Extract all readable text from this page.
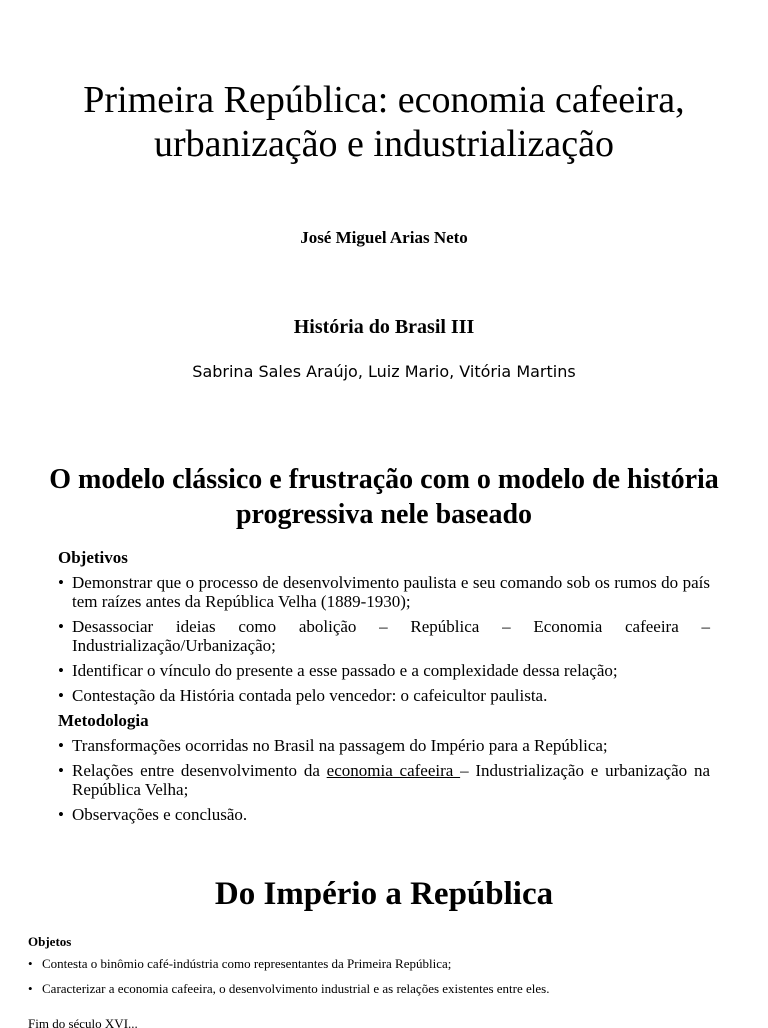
Primeira República: economia cafeeira, urbanização e industrialização
José Miguel Arias Neto
História do Brasil III
Sabrina Sales Araújo, Luiz Mario, Vitória Martins
O modelo clássico e frustração com o modelo de história progressiva nele baseado
Objetivos
• Demonstrar que o processo de desenvolvimento paulista e seu comando sob os rumos do país tem raízes antes da República Velha (1889-1930);
• Desassociar ideias como abolição – República – Economia cafeeira – Industrialização/Urbanização;
• Identificar o vínculo do presente a esse passado e a complexidade dessa relação;
• Contestação da História contada pelo vencedor: o cafeicultor paulista.
Metodologia
• Transformações ocorridas no Brasil na passagem do Império para a República;
• Relações entre desenvolvimento da economia cafeeira – Industrialização e urbanização na República Velha;
• Observações e conclusão.
Do Império a República
Objetos
• Contesta o binômio café-indústria como representantes da Primeira República;
• Caracterizar a economia cafeeira, o desenvolvimento industrial e as relações existentes entre eles.
Fim do século XVI...
